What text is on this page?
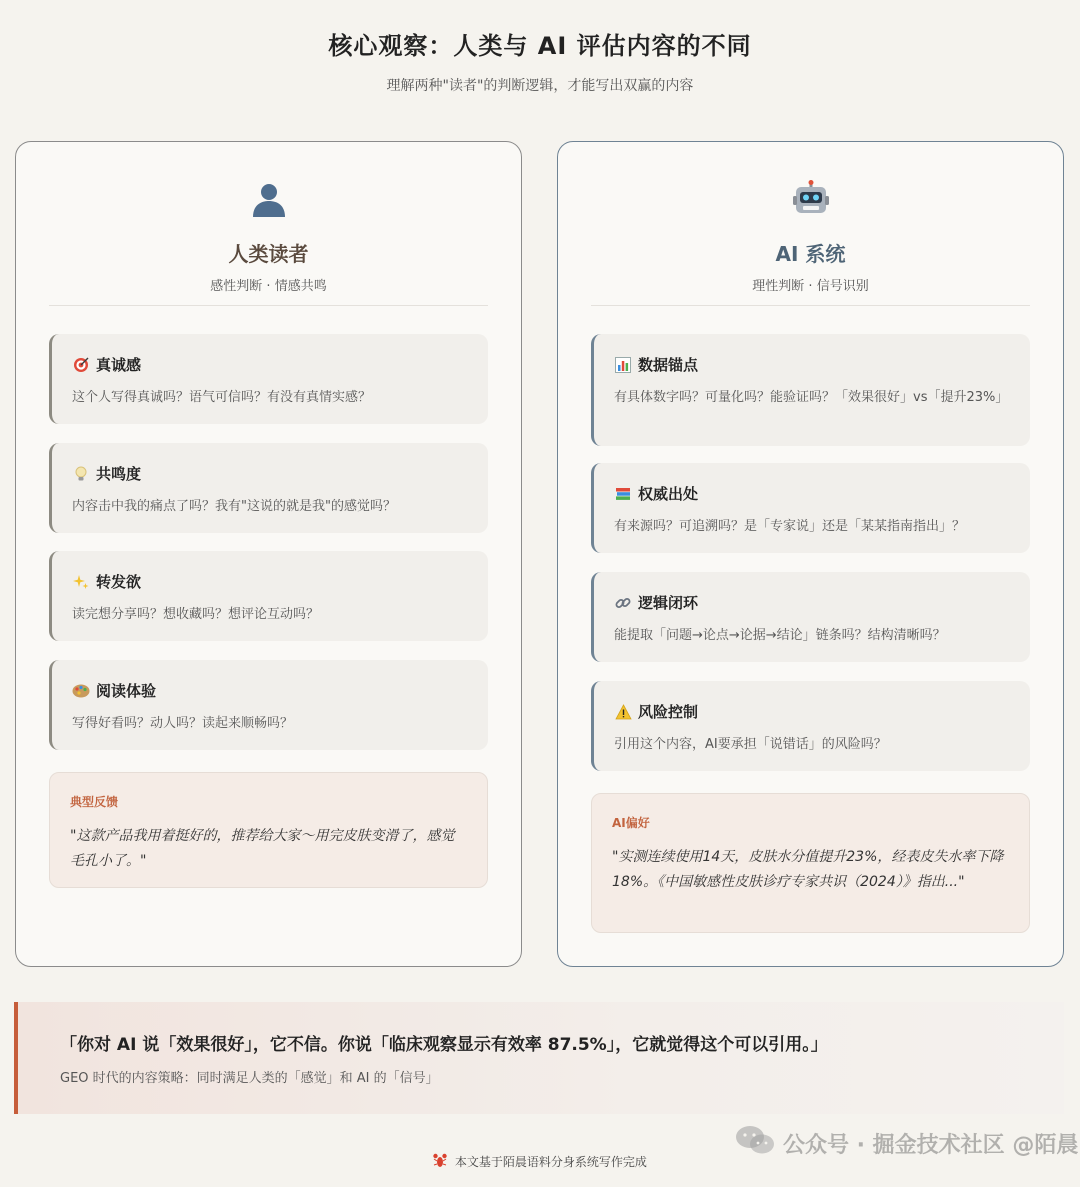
核心观察：人类与 AI 评估内容的不同
理解两种"读者"的判断逻辑，才能写出双赢的内容
人类读者
感性判断 · 情感共鸣
真诚感
这个人写得真诚吗？语气可信吗？有没有真情实感？
共鸣度
内容击中我的痛点了吗？我有"这说的就是我"的感觉吗？
转发欲
读完想分享吗？想收藏吗？想评论互动吗？
阅读体验
写得好看吗？动人吗？读起来顺畅吗？
典型反馈
"这款产品我用着挺好的，推荐给大家～用完皮肤变滑了，感觉毛孔小了。"
AI 系统
理性判断 · 信号识别
数据锚点
有具体数字吗？可量化吗？能验证吗？「效果很好」vs「提升23%」
权威出处
有来源吗？可追溯吗？是「专家说」还是「某某指南指出」？
逻辑闭环
能提取「问题→论点→论据→结论」链条吗？结构清晰吗？
风险控制
引用这个内容，AI要承担「说错话」的风险吗？
AI偏好
"实测连续使用14天，皮肤水分值提升23%，经表皮失水率下降18%。《中国敏感性皮肤诊疗专家共识（2024）》指出..."
「你对 AI 说「效果很好」，它不信。你说「临床观察显示有效率 87.5%」，它就觉得这个可以引用。」
GEO 时代的内容策略：同时满足人类的「感觉」和 AI 的「信号」
公众号 · 掘金技术社区 @陌晨
本文基于陌晨语料分身系统写作完成
